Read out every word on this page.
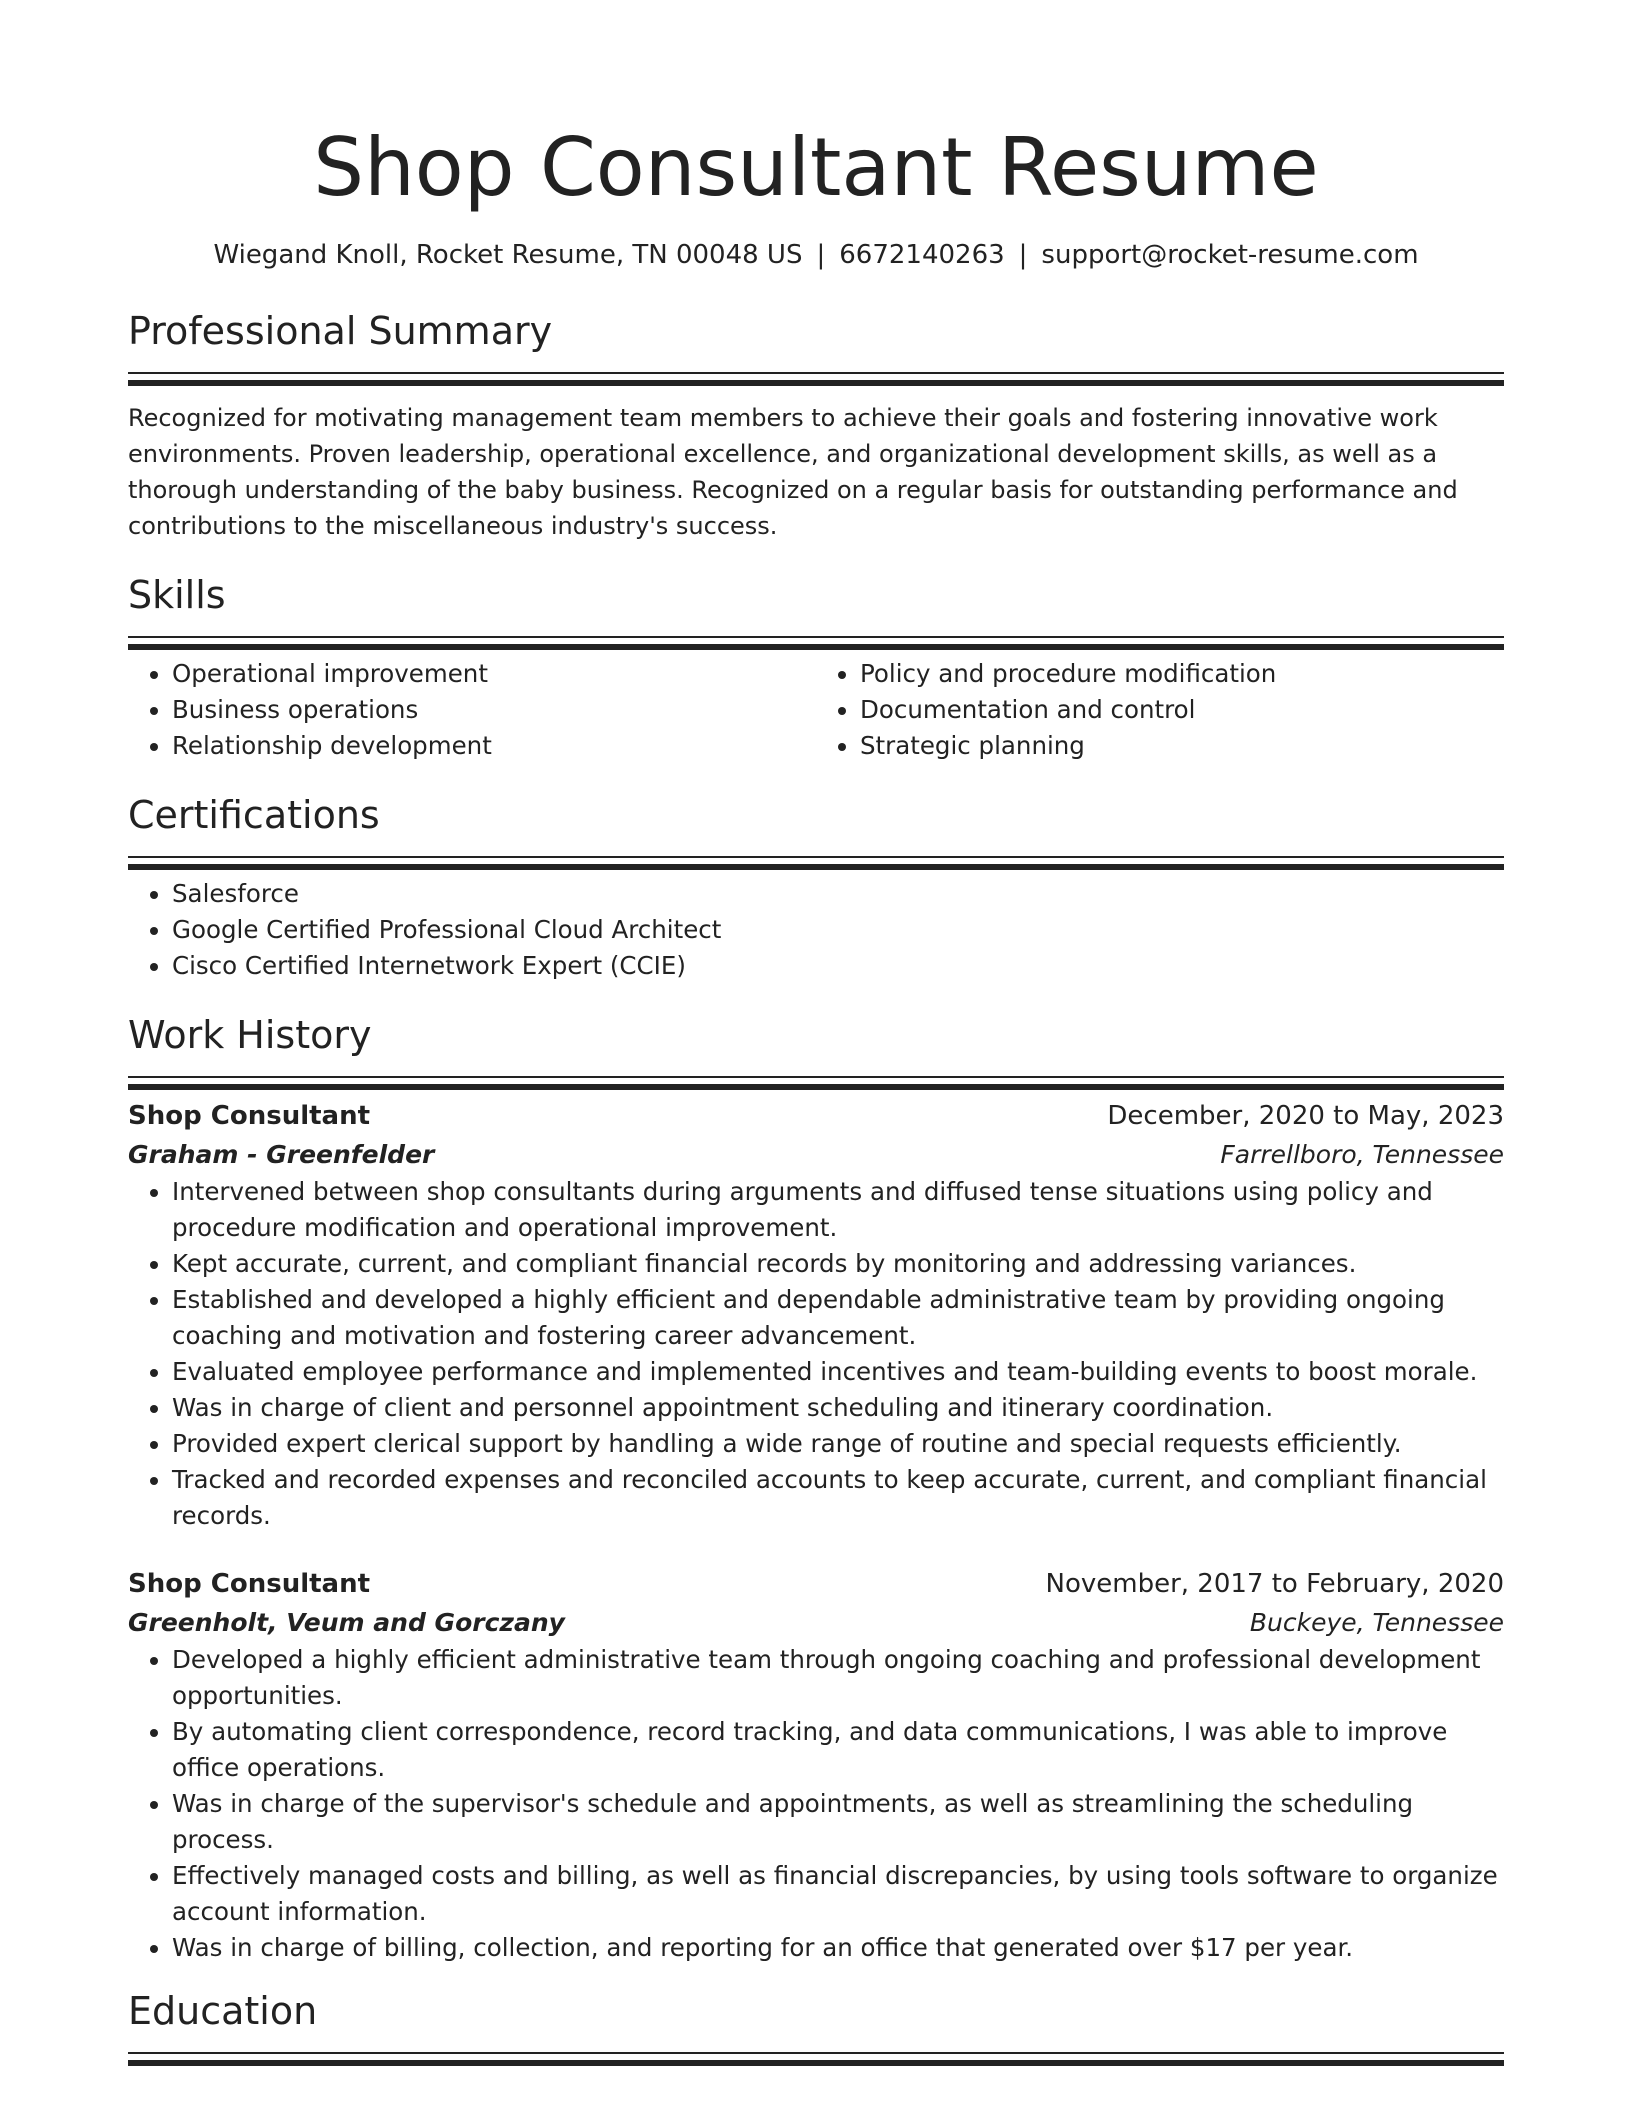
Shop Consultant Resume
Wiegand Knoll, Rocket Resume, TN 00048 US | 6672140263 | support@rocket-resume.com
Professional Summary

Recognized for motivating management team members to achieve their goals and fostering innovative work environments. Proven leadership, operational excellence, and organizational development skills, as well as a thorough understanding of the baby business. Recognized on a regular basis for outstanding performance and contributions to the miscellaneous industry's success.

Skills
• Operational improvement
• Business operations
• Relationship development
• Policy and procedure modification
• Documentation and control
• Strategic planning
Certifications
• Salesforce
• Google Certified Professional Cloud Architect
• Cisco Certified Internetwork Expert (CCIE)
Work History
Shop Consultant	December, 2020 to May, 2023
Graham - Greenfelder	Farrellboro, Tennessee
• Intervened between shop consultants during arguments and diffused tense situations using policy and procedure modification and operational improvement.
• Kept accurate, current, and compliant financial records by monitoring and addressing variances.
• Established and developed a highly efficient and dependable administrative team by providing ongoing coaching and motivation and fostering career advancement.
• Evaluated employee performance and implemented incentives and team-building events to boost morale.
• Was in charge of client and personnel appointment scheduling and itinerary coordination.
• Provided expert clerical support by handling a wide range of routine and special requests efficiently.
• Tracked and recorded expenses and reconciled accounts to keep accurate, current, and compliant financial records.
Shop Consultant	November, 2017 to February, 2020
Greenholt, Veum and Gorczany	Buckeye, Tennessee
• Developed a highly efficient administrative team through ongoing coaching and professional development opportunities.
• By automating client correspondence, record tracking, and data communications, I was able to improve office operations.
• Was in charge of the supervisor's schedule and appointments, as well as streamlining the scheduling process.
• Effectively managed costs and billing, as well as financial discrepancies, by using tools software to organize account information.
• Was in charge of billing, collection, and reporting for an office that generated over $17 per year.
Education
